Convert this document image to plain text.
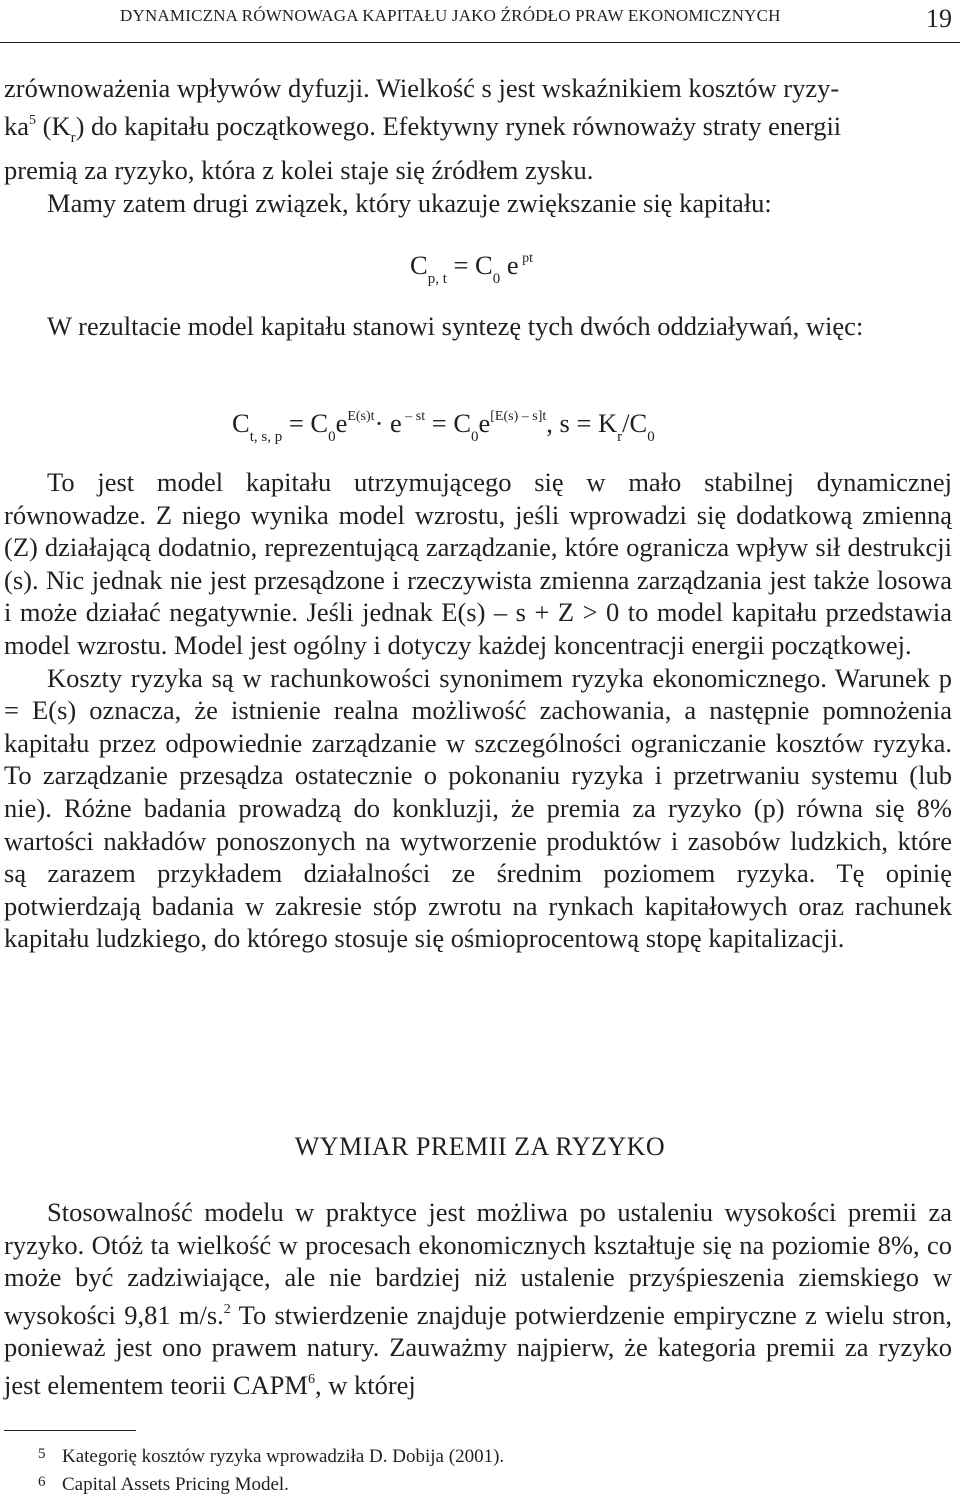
DYNAMICZNA RÓWNOWAGA KAPITAŁU JAKO ŹRÓDŁO PRAW EKONOMICZNYCH	19

zrównoważenia wpływów dyfuzji. Wielkość s jest wskaźnikiem kosztów ryzy-
$ka^5$ $(K_r)$ do kapitału początkowego. Efektywny rynek równoważy straty energii
premią za ryzyko, która z kolei staje się źródłem zysku.

Mamy zatem drugi związek, który ukazuje zwiększanie się kapitału:

$C_{p, t} = C_0$ e $^{pt}$

W rezultacie model kapitału stanowi syntezę tych dwóch oddziaływań, więc:

$C_{t, s, p} = C_0e^{E(s)t}\cdot e$ $^{- st} = C_0e^{[E(s) - s]t}$, $s = K_r/C_0$

To jest model kapitału utrzymującego się w mało stabilnej dynamicznej równowadze. Z niego wynika model wzrostu, jeśli wprowadzi się dodatkową zmienną (Z) działającą dodatnio, reprezentującą zarządzanie, które ogranicza wpływ sił destrukcji (s). Nic jednak nie jest przesądzone i rzeczywista zmienna zarządzania jest także losowa i może działać negatywnie. Jeśli jednak E(s) – s + Z > 0 to model kapitału przedstawia model wzrostu. Model jest ogólny i dotyczy każdej koncentracji energii początkowej.

Koszty ryzyka są w rachunkowości synonimem ryzyka ekonomicznego. Warunek p = E(s) oznacza, że istnienie realna możliwość zachowania, a następnie pomnożenia kapitału przez odpowiednie zarządzanie w szczególności ograniczanie kosztów ryzyka. To zarządzanie przesądza ostatecznie o pokonaniu ryzyka i przetrwaniu systemu (lub nie). Różne badania prowadzą do konkluzji, że premia za ryzyko (p) równa się 8% wartości nakładów ponoszonych na wytworzenie produktów i zasobów ludzkich, które są zarazem przykładem działalności ze średnim poziomem ryzyka. Tę opinię potwierdzają badania w zakresie stóp zwrotu na rynkach kapitałowych oraz rachunek kapitału ludzkiego, do którego stosuje się ośmioprocentową stopę kapitalizacji.

WYMIAR PREMII ZA RYZYKO

Stosowalność modelu w praktyce jest możliwa po ustaleniu wysokości premii za ryzyko. Otóż ta wielkość w procesach ekonomicznych kształtuje się na poziomie 8%, co może być zadziwiające, ale nie bardziej niż ustalenie przyśpieszenia ziemskiego w wysokości 9,81 m/s.$^2$ To stwierdzenie znajduje potwierdzenie empiryczne z wielu stron, ponieważ jest ono prawem natury. Zauważmy najpierw, że kategoria premii za ryzyko jest elementem teorii CAPM$^6$, w której

5 Kategorię kosztów ryzyka wprowadziła D. Dobija (2001).
6 Capital Assets Pricing Model.
